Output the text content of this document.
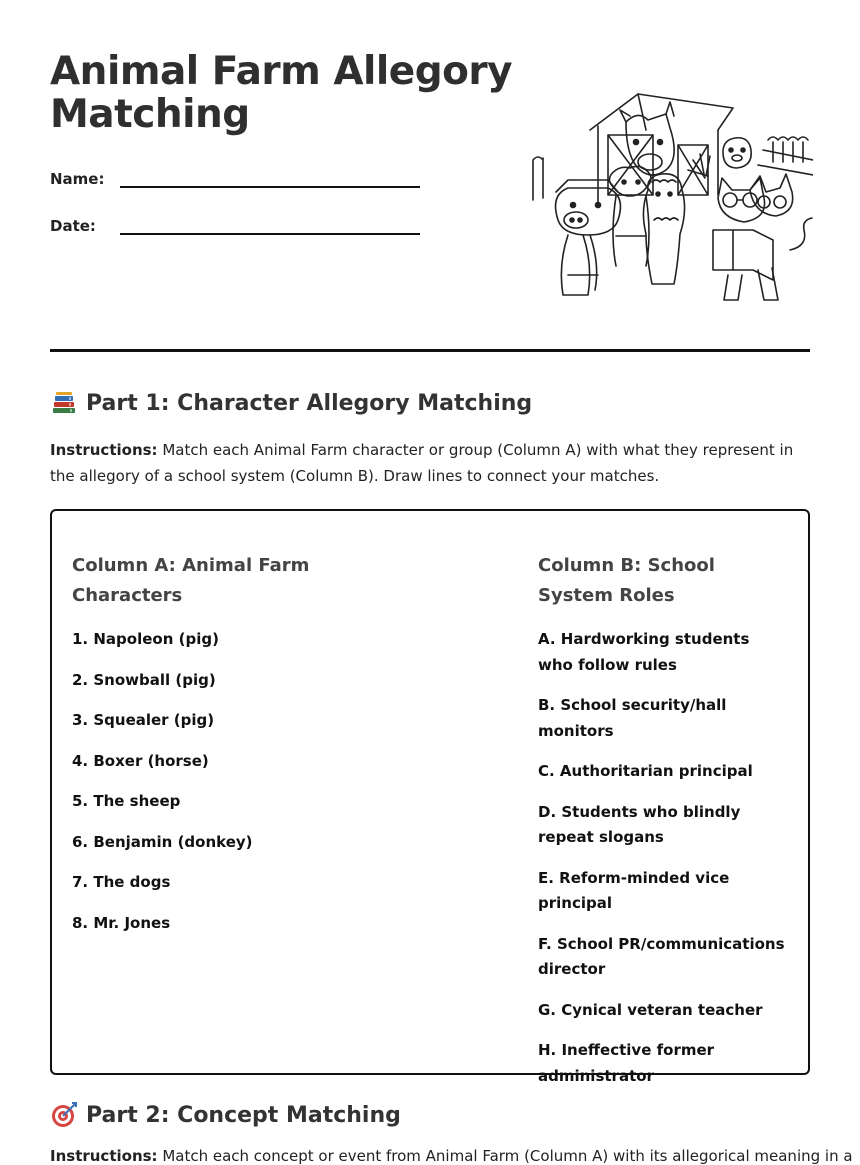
Animal Farm Allegory Matching
Name:
Date:
Part 1: Character Allegory Matching

Instructions: Match each Animal Farm character or group (Column A) with what they represent in the allegory of a school system (Column B). Draw lines to connect your matches.

Column A: Animal Farm Characters

1. Napoleon (pig)

2. Snowball (pig)

3. Squealer (pig)

4. Boxer (horse)

5. The sheep

6. Benjamin (donkey)

7. The dogs

8. Mr. Jones

Column B: School System Roles

A. Hardworking students who follow rules

B. School security/hall monitors

C. Authoritarian principal

D. Students who blindly repeat slogans

E. Reform-minded vice principal

F. School PR/communications director

G. Cynical veteran teacher

H. Ineffective former administrator

Part 2: Concept Matching

Instructions: Match each concept or event from Animal Farm (Column A) with its allegorical meaning in a
